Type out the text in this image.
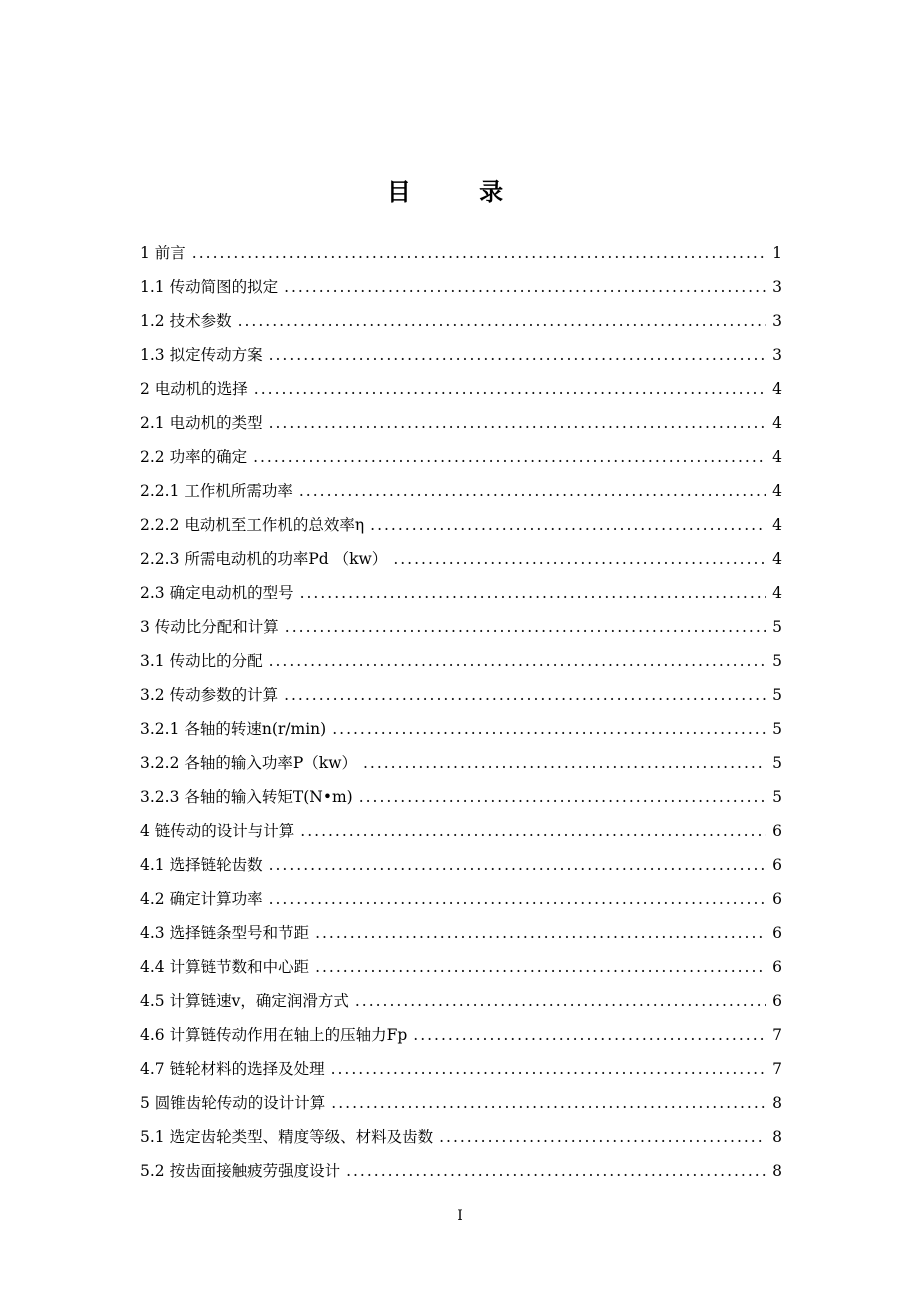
目 录
1 前言 .....	1
1.1 传动简图的拟定 .....	3
1.2 技术参数 .....	3
1.3 拟定传动方案 .....	3
2 电动机的选择 .....	4
2.1 电动机的类型 .....	4
2.2 功率的确定 .....	4
2.2.1 工作机所需功率 .....	4
2.2.2 电动机至工作机的总效率η .....	4
2.2.3 所需电动机的功率Pd （kw） .....	4
2.3 确定电动机的型号 .....	4
3 传动比分配和计算 .....	5
3.1 传动比的分配 .....	5
3.2 传动参数的计算 .....	5
3.2.1 各轴的转速n(r/min) .....	5
3.2.2 各轴的输入功率P（kw） .....	5
3.2.3 各轴的输入转矩T(N•m) .....	5
4 链传动的设计与计算 .....	6
4.1 选择链轮齿数 .....	6
4.2 确定计算功率 .....	6
4.3 选择链条型号和节距 .....	6
4.4 计算链节数和中心距 .....	6
4.5 计算链速v，确定润滑方式 .....	6
4.6 计算链传动作用在轴上的压轴力Fp .....	7
4.7 链轮材料的选择及处理 .....	7
5 圆锥齿轮传动的设计计算 .....	8
5.1 选定齿轮类型、精度等级、材料及齿数 .....	8
5.2 按齿面接触疲劳强度设计 .....	8
I
